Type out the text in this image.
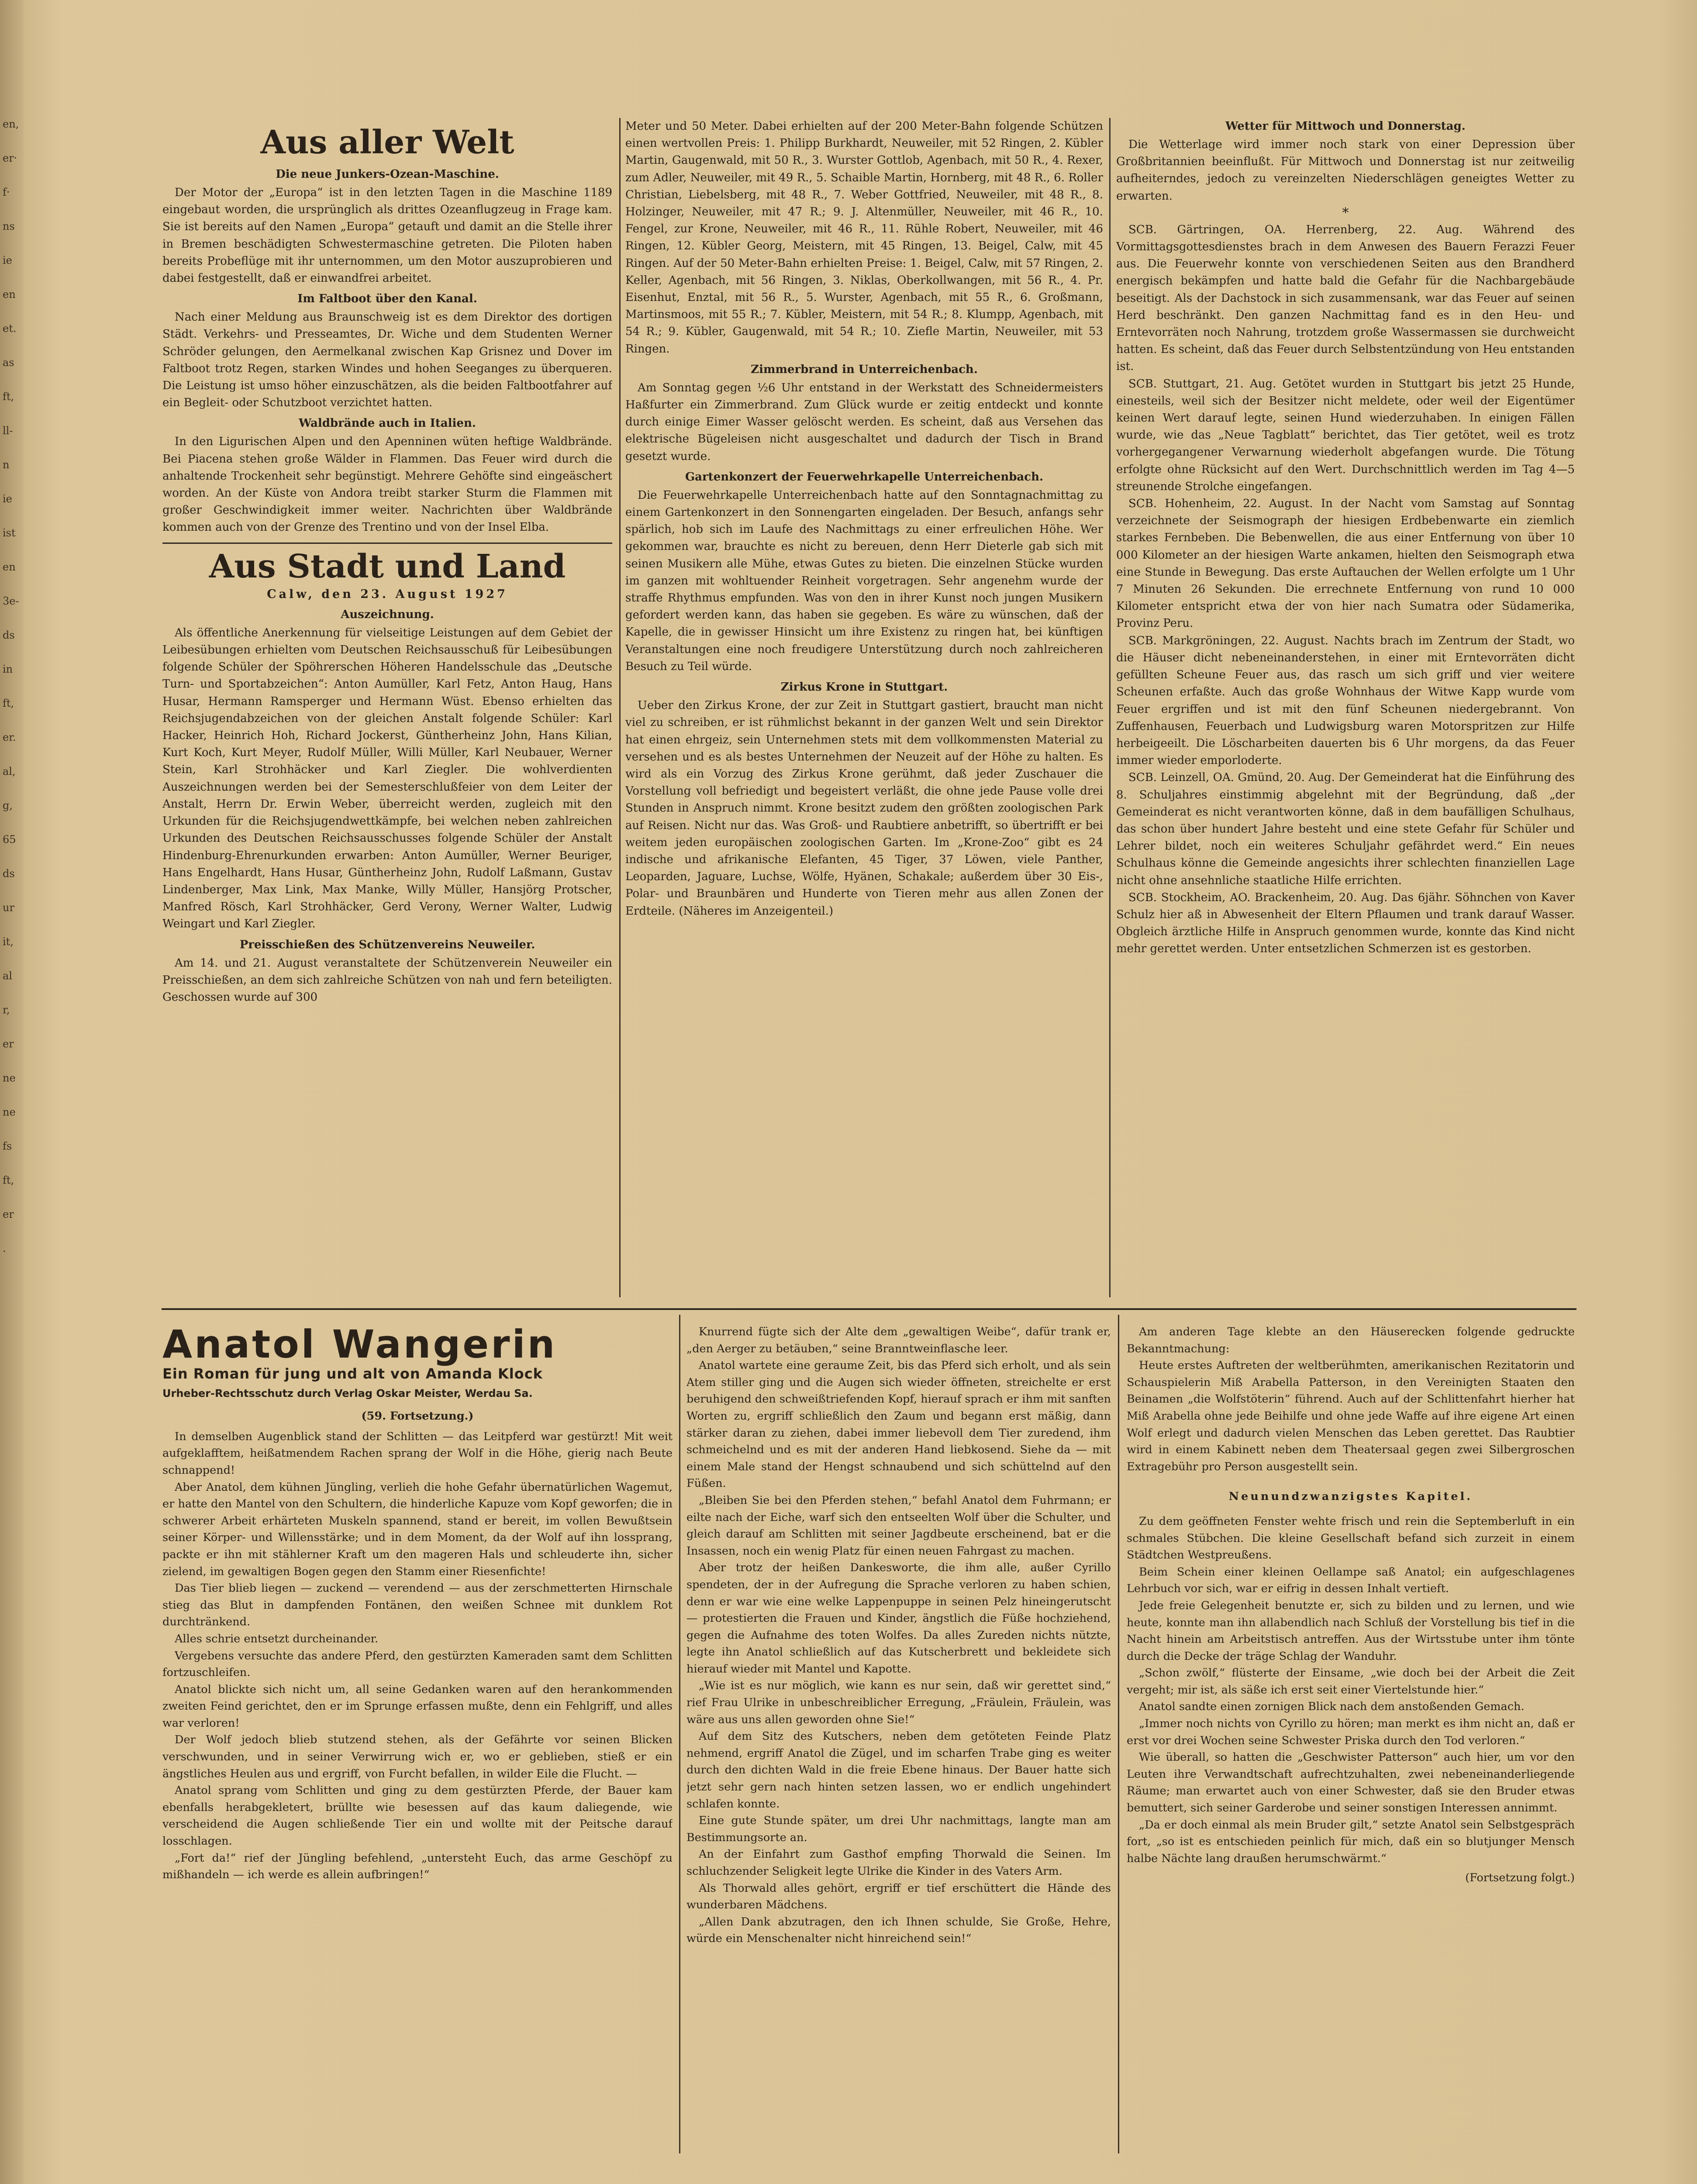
en,
er·
f·
ns
ie
en
et.
as
ft,
ll-
n
ie
ist
en
3e-
ds
in
ft,
er.
al,
g,
65
ds
ur
it,
al
r,
er
ne
ne
fs
ft,
er
.
Aus aller Welt
Die neue Junkers-Ozean-Maschine.

Der Motor der „Europa“ ist in den letzten Tagen in die Maschine 1189 eingebaut worden, die ursprünglich als drittes Ozeanflugzeug in Frage kam. Sie ist bereits auf den Namen „Europa“ getauft und damit an die Stelle ihrer in Bremen beschädigten Schwestermaschine getreten. Die Piloten haben bereits Probeflüge mit ihr unternommen, um den Motor auszuprobieren und dabei festgestellt, daß er einwandfrei arbeitet.

Im Faltboot über den Kanal.

Nach einer Meldung aus Braunschweig ist es dem Direktor des dortigen Städt. Verkehrs- und Presseamtes, Dr. Wiche und dem Studenten Werner Schröder gelungen, den Aermelkanal zwischen Kap Grisnez und Dover im Faltboot trotz Regen, starken Windes und hohen Seeganges zu überqueren. Die Leistung ist umso höher einzuschätzen, als die beiden Faltbootfahrer auf ein Begleit- oder Schutzboot verzichtet hatten.

Waldbrände auch in Italien.

In den Ligurischen Alpen und den Apenninen wüten heftige Waldbrände. Bei Piacena stehen große Wälder in Flammen. Das Feuer wird durch die anhaltende Trockenheit sehr begünstigt. Mehrere Gehöfte sind eingeäschert worden. An der Küste von Andora treibt starker Sturm die Flammen mit großer Geschwindigkeit immer weiter. Nachrichten über Waldbrände kommen auch von der Grenze des Trentino und von der Insel Elba.

Aus Stadt und Land
Calw, den 23. August 1927
Auszeichnung.

Als öffentliche Anerkennung für vielseitige Leistungen auf dem Gebiet der Leibesübungen erhielten vom Deutschen Reichsausschuß für Leibesübungen folgende Schüler der Spöhrerschen Höheren Handelsschule das „Deutsche Turn- und Sportabzeichen“: Anton Aumüller, Karl Fetz, Anton Haug, Hans Husar, Hermann Ramsperger und Hermann Wüst. Ebenso erhielten das Reichsjugendabzeichen von der gleichen Anstalt folgende Schüler: Karl Hacker, Heinrich Hoh, Richard Jockerst, Güntherheinz John, Hans Kilian, Kurt Koch, Kurt Meyer, Rudolf Müller, Willi Müller, Karl Neubauer, Werner Stein, Karl Strohhäcker und Karl Ziegler. Die wohlverdienten Auszeichnungen werden bei der Semesterschlußfeier von dem Leiter der Anstalt, Herrn Dr. Erwin Weber, überreicht werden, zugleich mit den Urkunden für die Reichsjugendwettkämpfe, bei welchen neben zahlreichen Urkunden des Deutschen Reichsausschusses folgende Schüler der Anstalt Hindenburg-Ehrenurkunden erwarben: Anton Aumüller, Werner Beuriger, Hans Engelhardt, Hans Husar, Güntherheinz John, Rudolf Laßmann, Gustav Lindenberger, Max Link, Max Manke, Willy Müller, Hansjörg Protscher, Manfred Rösch, Karl Strohhäcker, Gerd Verony, Werner Walter, Ludwig Weingart und Karl Ziegler.

Preisschießen des Schützenvereins Neuweiler.

Am 14. und 21. August veranstaltete der Schützenverein Neuweiler ein Preisschießen, an dem sich zahlreiche Schützen von nah und fern beteiligten. Geschossen wurde auf 300

Meter und 50 Meter. Dabei erhielten auf der 200 Meter-Bahn folgende Schützen einen wertvollen Preis: 1. Philipp Burkhardt, Neuweiler, mit 52 Ringen, 2. Kübler Martin, Gaugenwald, mit 50 R., 3. Wurster Gottlob, Agenbach, mit 50 R., 4. Rexer, zum Adler, Neuweiler, mit 49 R., 5. Schaible Martin, Hornberg, mit 48 R., 6. Roller Christian, Liebelsberg, mit 48 R., 7. Weber Gottfried, Neuweiler, mit 48 R., 8. Holzinger, Neuweiler, mit 47 R.; 9. J. Altenmüller, Neuweiler, mit 46 R., 10. Fengel, zur Krone, Neuweiler, mit 46 R., 11. Rühle Robert, Neuweiler, mit 46 Ringen, 12. Kübler Georg, Meistern, mit 45 Ringen, 13. Beigel, Calw, mit 45 Ringen. Auf der 50 Meter-Bahn erhielten Preise: 1. Beigel, Calw, mit 57 Ringen, 2. Keller, Agenbach, mit 56 Ringen, 3. Niklas, Oberkollwangen, mit 56 R., 4. Pr. Eisenhut, Enztal, mit 56 R., 5. Wurster, Agenbach, mit 55 R., 6. Großmann, Martinsmoos, mit 55 R.; 7. Kübler, Meistern, mit 54 R.; 8. Klumpp, Agenbach, mit 54 R.; 9. Kübler, Gaugenwald, mit 54 R.; 10. Ziefle Martin, Neuweiler, mit 53 Ringen.

Zimmerbrand in Unterreichenbach.

Am Sonntag gegen ½6 Uhr entstand in der Werkstatt des Schneidermeisters Haßfurter ein Zimmerbrand. Zum Glück wurde er zeitig entdeckt und konnte durch einige Eimer Wasser gelöscht werden. Es scheint, daß aus Versehen das elektrische Bügeleisen nicht ausgeschaltet und dadurch der Tisch in Brand gesetzt wurde.

Gartenkonzert der Feuerwehrkapelle Unterreichenbach.

Die Feuerwehrkapelle Unterreichenbach hatte auf den Sonntagnachmittag zu einem Gartenkonzert in den Sonnengarten eingeladen. Der Besuch, anfangs sehr spärlich, hob sich im Laufe des Nachmittags zu einer erfreulichen Höhe. Wer gekommen war, brauchte es nicht zu bereuen, denn Herr Dieterle gab sich mit seinen Musikern alle Mühe, etwas Gutes zu bieten. Die einzelnen Stücke wurden im ganzen mit wohltuender Reinheit vorgetragen. Sehr angenehm wurde der straffe Rhythmus empfunden. Was von den in ihrer Kunst noch jungen Musikern gefordert werden kann, das haben sie gegeben. Es wäre zu wünschen, daß der Kapelle, die in gewisser Hinsicht um ihre Existenz zu ringen hat, bei künftigen Veranstaltungen eine noch freudigere Unterstützung durch noch zahlreicheren Besuch zu Teil würde.

Zirkus Krone in Stuttgart.

Ueber den Zirkus Krone, der zur Zeit in Stuttgart gastiert, braucht man nicht viel zu schreiben, er ist rühmlichst bekannt in der ganzen Welt und sein Direktor hat einen ehrgeiz, sein Unternehmen stets mit dem vollkommensten Material zu versehen und es als bestes Unternehmen der Neuzeit auf der Höhe zu halten. Es wird als ein Vorzug des Zirkus Krone gerühmt, daß jeder Zuschauer die Vorstellung voll befriedigt und begeistert verläßt, die ohne jede Pause volle drei Stunden in Anspruch nimmt. Krone besitzt zudem den größten zoologischen Park auf Reisen. Nicht nur das. Was Groß- und Raubtiere anbetrifft, so übertrifft er bei weitem jeden europäischen zoologischen Garten. Im „Krone-Zoo“ gibt es 24 indische und afrikanische Elefanten, 45 Tiger, 37 Löwen, viele Panther, Leoparden, Jaguare, Luchse, Wölfe, Hyänen, Schakale; außerdem über 30 Eis-, Polar- und Braunbären und Hunderte von Tieren mehr aus allen Zonen der Erdteile. (Näheres im Anzeigenteil.)

Wetter für Mittwoch und Donnerstag.

Die Wetterlage wird immer noch stark von einer Depression über Großbritannien beeinflußt. Für Mittwoch und Donnerstag ist nur zeitweilig aufheiterndes, jedoch zu vereinzelten Niederschlägen geneigtes Wetter zu erwarten.

*

SCB. Gärtringen, OA. Herrenberg, 22. Aug. Während des Vormittagsgottesdienstes brach in dem Anwesen des Bauern Ferazzi Feuer aus. Die Feuerwehr konnte von verschiedenen Seiten aus den Brandherd energisch bekämpfen und hatte bald die Gefahr für die Nachbargebäude beseitigt. Als der Dachstock in sich zusammensank, war das Feuer auf seinen Herd beschränkt. Den ganzen Nachmittag fand es in den Heu- und Erntevorräten noch Nahrung, trotzdem große Wassermassen sie durchweicht hatten. Es scheint, daß das Feuer durch Selbstentzündung von Heu entstanden ist.

SCB. Stuttgart, 21. Aug. Getötet wurden in Stuttgart bis jetzt 25 Hunde, einesteils, weil sich der Besitzer nicht meldete, oder weil der Eigentümer keinen Wert darauf legte, seinen Hund wiederzuhaben. In einigen Fällen wurde, wie das „Neue Tagblatt“ berichtet, das Tier getötet, weil es trotz vorhergegangener Verwarnung wiederholt abgefangen wurde. Die Tötung erfolgte ohne Rücksicht auf den Wert. Durchschnittlich werden im Tag 4—5 streunende Strolche eingefangen.

SCB. Hohenheim, 22. August. In der Nacht vom Samstag auf Sonntag verzeichnete der Seismograph der hiesigen Erdbebenwarte ein ziemlich starkes Fernbeben. Die Bebenwellen, die aus einer Entfernung von über 10 000 Kilometer an der hiesigen Warte ankamen, hielten den Seismograph etwa eine Stunde in Bewegung. Das erste Auftauchen der Wellen erfolgte um 1 Uhr 7 Minuten 26 Sekunden. Die errechnete Entfernung von rund 10 000 Kilometer entspricht etwa der von hier nach Sumatra oder Südamerika, Provinz Peru.

SCB. Markgröningen, 22. August. Nachts brach im Zentrum der Stadt, wo die Häuser dicht nebeneinanderstehen, in einer mit Erntevorräten dicht gefüllten Scheune Feuer aus, das rasch um sich griff und vier weitere Scheunen erfaßte. Auch das große Wohnhaus der Witwe Kapp wurde vom Feuer ergriffen und ist mit den fünf Scheunen niedergebrannt. Von Zuffenhausen, Feuerbach und Ludwigsburg waren Motorspritzen zur Hilfe herbeigeeilt. Die Löscharbeiten dauerten bis 6 Uhr morgens, da das Feuer immer wieder emporloderte.

SCB. Leinzell, OA. Gmünd, 20. Aug. Der Gemeinderat hat die Einführung des 8. Schuljahres einstimmig abgelehnt mit der Begründung, daß „der Gemeinderat es nicht verantworten könne, daß in dem baufälligen Schulhaus, das schon über hundert Jahre besteht und eine stete Gefahr für Schüler und Lehrer bildet, noch ein weiteres Schuljahr gefährdet werd.“ Ein neues Schulhaus könne die Gemeinde angesichts ihrer schlechten finanziellen Lage nicht ohne ansehnliche staatliche Hilfe errichten.

SCB. Stockheim, AO. Brackenheim, 20. Aug. Das 6jähr. Söhnchen von Kaver Schulz hier aß in Abwesenheit der Eltern Pflaumen und trank darauf Wasser. Obgleich ärztliche Hilfe in Anspruch genommen wurde, konnte das Kind nicht mehr gerettet werden. Unter entsetzlichen Schmerzen ist es gestorben.

Anatol Wangerin
Ein Roman für jung und alt von Amanda Klock
Urheber-Rechtsschutz durch Verlag Oskar Meister, Werdau Sa.
(59. Fortsetzung.)

In demselben Augenblick stand der Schlitten — das Leitpferd war gestürzt! Mit weit aufgeklafftem, heißatmendem Rachen sprang der Wolf in die Höhe, gierig nach Beute schnappend!

Aber Anatol, dem kühnen Jüngling, verlieh die hohe Gefahr übernatürlichen Wagemut, er hatte den Mantel von den Schultern, die hinderliche Kapuze vom Kopf geworfen; die in schwerer Arbeit erhärteten Muskeln spannend, stand er bereit, im vollen Bewußtsein seiner Körper- und Willensstärke; und in dem Moment, da der Wolf auf ihn lossprang, packte er ihn mit stählerner Kraft um den mageren Hals und schleuderte ihn, sicher zielend, im gewaltigen Bogen gegen den Stamm einer Riesenfichte!

Das Tier blieb liegen — zuckend — verendend — aus der zerschmetterten Hirnschale stieg das Blut in dampfenden Fontänen, den weißen Schnee mit dunklem Rot durchtränkend.

Alles schrie entsetzt durcheinander.

Vergebens versuchte das andere Pferd, den gestürzten Kameraden samt dem Schlitten fortzuschleifen.

Anatol blickte sich nicht um, all seine Gedanken waren auf den herankommenden zweiten Feind gerichtet, den er im Sprunge erfassen mußte, denn ein Fehlgriff, und alles war verloren!

Der Wolf jedoch blieb stutzend stehen, als der Gefährte vor seinen Blicken verschwunden, und in seiner Verwirrung wich er, wo er geblieben, stieß er ein ängstliches Heulen aus und ergriff, von Furcht befallen, in wilder Eile die Flucht. —

Anatol sprang vom Schlitten und ging zu dem gestürzten Pferde, der Bauer kam ebenfalls herabgekletert, brüllte wie besessen auf das kaum daliegende, wie verscheidend die Augen schließende Tier ein und wollte mit der Peitsche darauf losschlagen.

„Fort da!“ rief der Jüngling befehlend, „untersteht Euch, das arme Geschöpf zu mißhandeln — ich werde es allein aufbringen!“

Knurrend fügte sich der Alte dem „gewaltigen Weibe“, dafür trank er, „den Aerger zu betäuben,“ seine Branntweinflasche leer.

Anatol wartete eine geraume Zeit, bis das Pferd sich erholt, und als sein Atem stiller ging und die Augen sich wieder öffneten, streichelte er erst beruhigend den schweißtriefenden Kopf, hierauf sprach er ihm mit sanften Worten zu, ergriff schließlich den Zaum und begann erst mäßig, dann stärker daran zu ziehen, dabei immer liebevoll dem Tier zuredend, ihm schmeichelnd und es mit der anderen Hand liebkosend. Siehe da — mit einem Male stand der Hengst schnaubend und sich schüttelnd auf den Füßen.

„Bleiben Sie bei den Pferden stehen,“ befahl Anatol dem Fuhrmann; er eilte nach der Eiche, warf sich den entseelten Wolf über die Schulter, und gleich darauf am Schlitten mit seiner Jagdbeute erscheinend, bat er die Insassen, noch ein wenig Platz für einen neuen Fahrgast zu machen.

Aber trotz der heißen Dankesworte, die ihm alle, außer Cyrillo spendeten, der in der Aufregung die Sprache verloren zu haben schien, denn er war wie eine welke Lappenpuppe in seinen Pelz hineingerutscht — protestierten die Frauen und Kinder, ängstlich die Füße hochziehend, gegen die Aufnahme des toten Wolfes. Da alles Zureden nichts nützte, legte ihn Anatol schließlich auf das Kutscherbrett und bekleidete sich hierauf wieder mit Mantel und Kapotte.

„Wie ist es nur möglich, wie kann es nur sein, daß wir gerettet sind,“ rief Frau Ulrike in unbeschreiblicher Erregung, „Fräulein, Fräulein, was wäre aus uns allen geworden ohne Sie!“

Auf dem Sitz des Kutschers, neben dem getöteten Feinde Platz nehmend, ergriff Anatol die Zügel, und im scharfen Trabe ging es weiter durch den dichten Wald in die freie Ebene hinaus. Der Bauer hatte sich jetzt sehr gern nach hinten setzen lassen, wo er endlich ungehindert schlafen konnte.

Eine gute Stunde später, um drei Uhr nachmittags, langte man am Bestimmungsorte an.

An der Einfahrt zum Gasthof empfing Thorwald die Seinen. Im schluchzender Seligkeit legte Ulrike die Kinder in des Vaters Arm.

Als Thorwald alles gehört, ergriff er tief erschüttert die Hände des wunderbaren Mädchens.

„Allen Dank abzutragen, den ich Ihnen schulde, Sie Große, Hehre, würde ein Menschenalter nicht hinreichend sein!“

Am anderen Tage klebte an den Häuserecken folgende gedruckte Bekanntmachung:

Heute erstes Auftreten der weltberühmten, amerikanischen Rezitatorin und Schauspielerin Miß Arabella Patterson, in den Vereinigten Staaten den Beinamen „die Wolfstöterin“ führend. Auch auf der Schlittenfahrt hierher hat Miß Arabella ohne jede Beihilfe und ohne jede Waffe auf ihre eigene Art einen Wolf erlegt und dadurch vielen Menschen das Leben gerettet. Das Raubtier wird in einem Kabinett neben dem Theatersaal gegen zwei Silbergroschen Extragebühr pro Person ausgestellt sein.

Neunundzwanzigstes Kapitel.

Zu dem geöffneten Fenster wehte frisch und rein die Septemberluft in ein schmales Stübchen. Die kleine Gesellschaft befand sich zurzeit in einem Städtchen Westpreußens.

Beim Schein einer kleinen Oellampe saß Anatol; ein aufgeschlagenes Lehrbuch vor sich, war er eifrig in dessen Inhalt vertieft.

Jede freie Gelegenheit benutzte er, sich zu bilden und zu lernen, und wie heute, konnte man ihn allabendlich nach Schluß der Vorstellung bis tief in die Nacht hinein am Arbeitstisch antreffen. Aus der Wirtsstube unter ihm tönte durch die Decke der träge Schlag der Wanduhr.

„Schon zwölf,“ flüsterte der Einsame, „wie doch bei der Arbeit die Zeit vergeht; mir ist, als säße ich erst seit einer Viertelstunde hier.“

Anatol sandte einen zornigen Blick nach dem anstoßenden Gemach.

„Immer noch nichts von Cyrillo zu hören; man merkt es ihm nicht an, daß er erst vor drei Wochen seine Schwester Priska durch den Tod verloren.“

Wie überall, so hatten die „Geschwister Patterson“ auch hier, um vor den Leuten ihre Verwandtschaft aufrechtzuhalten, zwei nebeneinanderliegende Räume; man erwartet auch von einer Schwester, daß sie den Bruder etwas bemuttert, sich seiner Garderobe und seiner sonstigen Interessen annimmt.

„Da er doch einmal als mein Bruder gilt,“ setzte Anatol sein Selbstgespräch fort, „so ist es entschieden peinlich für mich, daß ein so blutjunger Mensch halbe Nächte lang draußen herumschwärmt.“

(Fortsetzung folgt.)
